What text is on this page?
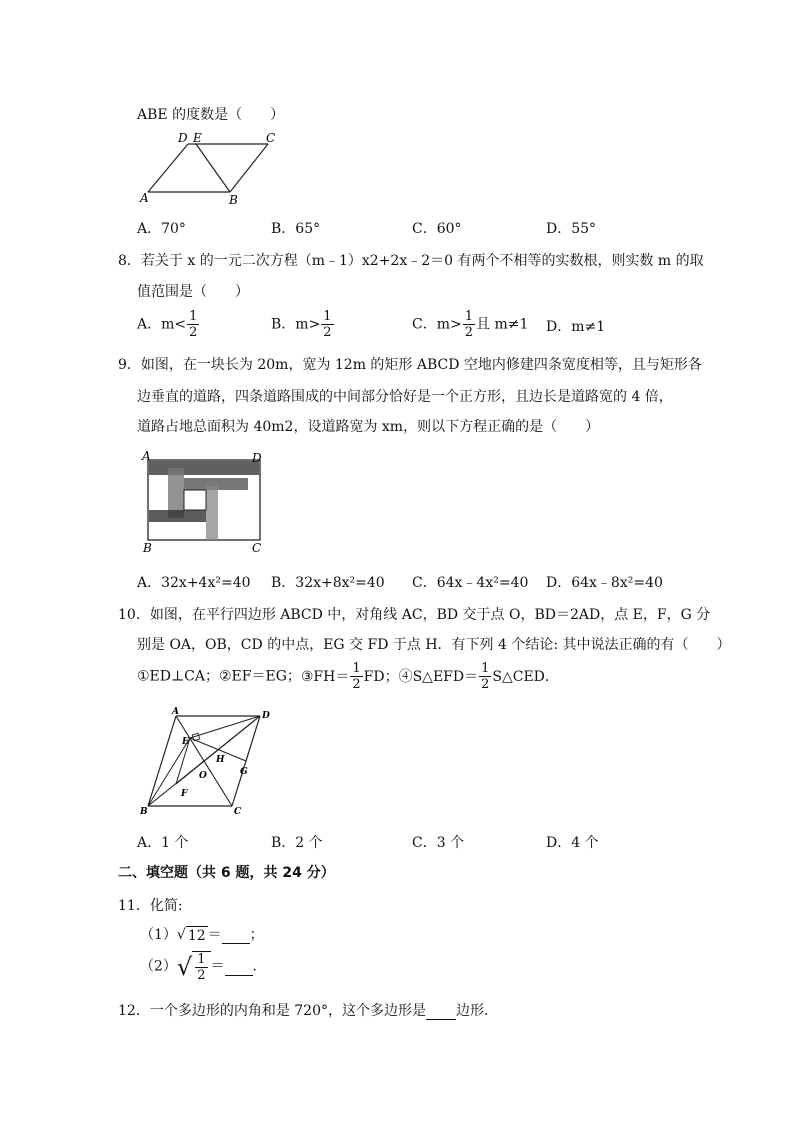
ABE 的度数是（　　）
D E	C
A	B
A．70°	B．65°	C．60°	D．55°
8．若关于 x 的一元二次方程（m﹣1）x2+2x﹣2＝0 有两个不相等的实数根，则实数 m 的取
值范围是（　　）
A．$m< \frac{1}{2}$	B．$m> \frac{1}{2}$	C．$m> \frac{1}{2}$ 且 m≠1 D．m≠1
9．如图，在一块长为 20m，宽为 12m 的矩形 ABCD 空地内修建四条宽度相等，且与矩形各
边垂直的道路，四条道路围成的中间部分恰好是一个正方形，且边长是道路宽的 4 倍，
道路占地总面积为 40m2，设道路宽为 xm，则以下方程正确的是（　　）
A	D
B	C
A．32x+4x²=40 B．32x+8x²=40 C．64x﹣4x²=40 D．64x﹣8x²=40
10．如图，在平行四边形 ABCD 中，对角线 AC，BD 交于点 O，BD＝2AD，点 E，F，G 分
别是 OA，OB，CD 的中点，EG 交 FD 于点 H．有下列 4 个结论: 其中说法正确的有（　　）
①ED⊥CA；②EF＝EG；③FH＝ $\frac{1}{2}$ FD；④S△EFD＝ $\frac{1}{2}$ S△CED．
A	D
E
H
O	G
F
B	C
A．1 个	B．2 个	C．3 个	D．4 个
二、填空题（共 6 题，共 24 分）
11．化简:
（1） √ 12 ＝ ；
（2） √ $\frac{1}{2}$ ＝ ．
12．一个多边形的内角和是 720°，这个多边形是 边形．
